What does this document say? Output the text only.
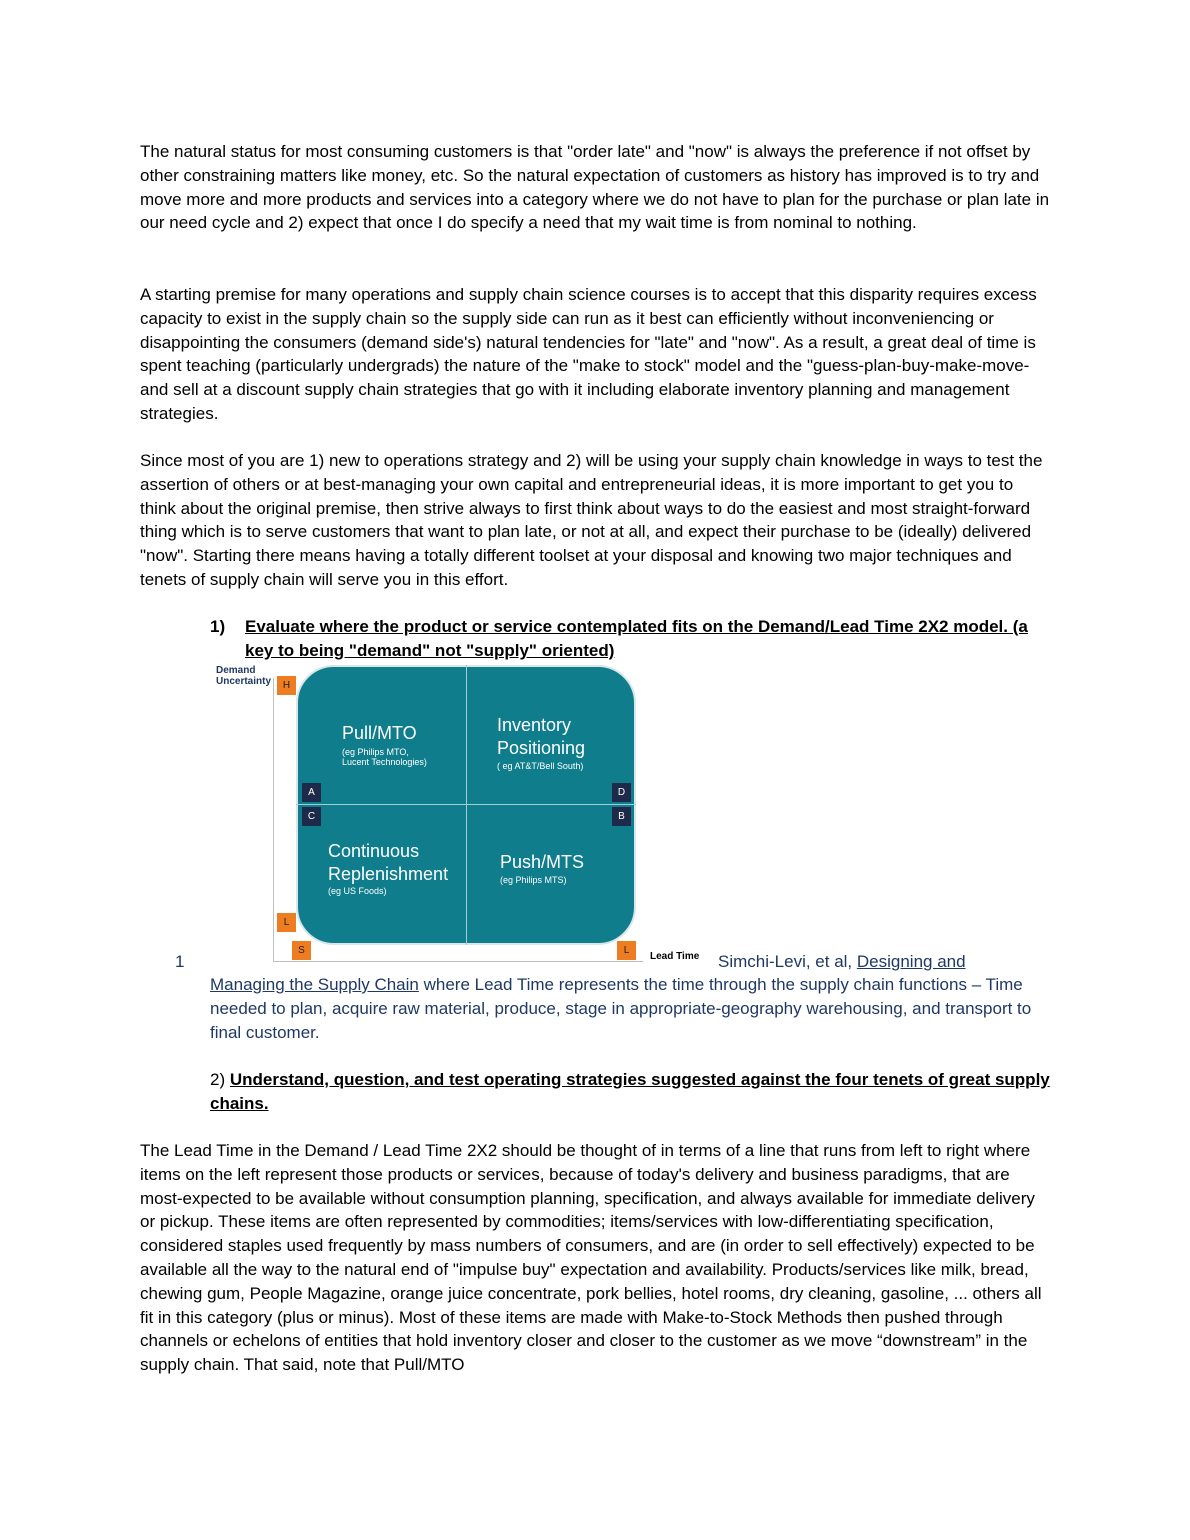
The natural status for most consuming customers is that "order late" and "now" is always the preference if not offset by other constraining matters like money, etc. So the natural expectation of customers as history has improved is to try and move more and more products and services into a category where we do not have to plan for the purchase or plan late in our need cycle and 2) expect that once I do specify a need that my wait time is from nominal to nothing.

A starting premise for many operations and supply chain science courses is to accept that this disparity requires excess capacity to exist in the supply chain so the supply side can run as it best can efficiently without inconveniencing or disappointing the consumers (demand side's) natural tendencies for "late" and "now". As a result, a great deal of time is spent teaching (particularly undergrads) the nature of the "make to stock" model and the "guess-plan-buy-make-move-and sell at a discount supply chain strategies that go with it including elaborate inventory planning and management strategies.

Since most of you are 1) new to operations strategy and 2) will be using your supply chain knowledge in ways to test the assertion of others or at best-managing your own capital and entrepreneurial ideas, it is more important to get you to think about the original premise, then strive always to first think about ways to do the easiest and most straight-forward thing which is to serve customers that want to plan late, or not at all, and expect their purchase to be (ideally) delivered "now". Starting there means having a totally different toolset at your disposal and knowing two major techniques and tenets of supply chain will serve you in this effort.

1) Evaluate where the product or service contemplated fits on the Demand/Lead Time 2X2 model. (a key to being "demand" not "supply" oriented)
Demand
Uncertainty
Pull/MTO
(eg Philips MTO,
Lucent Technologies)
Inventory
Positioning
( eg AT&T/Bell South)
Continuous
Replenishment
(eg US Foods)
Push/MTS
(eg Philips MTS)
H
L
S	L
A
C
D
B
Lead Time
1	Simchi-Levi, et al, Designing and
Managing the Supply Chain where Lead Time represents the time through the supply chain functions – Time needed to plan, acquire raw material, produce, stage in appropriate-geography warehousing, and transport to final customer.
2) Understand, question, and test operating strategies suggested against the four tenets of great supply chains.

The Lead Time in the Demand / Lead Time 2X2 should be thought of in terms of a line that runs from left to right where items on the left represent those products or services, because of today's delivery and business paradigms, that are most-expected to be available without consumption planning, specification, and always available for immediate delivery or pickup. These items are often represented by commodities; items/services with low-differentiating specification, considered staples used frequently by mass numbers of consumers, and are (in order to sell effectively) expected to be available all the way to the natural end of "impulse buy" expectation and availability. Products/services like milk, bread, chewing gum, People Magazine, orange juice concentrate, pork bellies, hotel rooms, dry cleaning, gasoline, ... others all fit in this category (plus or minus). Most of these items are made with Make-to-Stock Methods then pushed through channels or echelons of entities that hold inventory closer and closer to the customer as we move “downstream” in the supply chain. That said, note that Pull/MTO
